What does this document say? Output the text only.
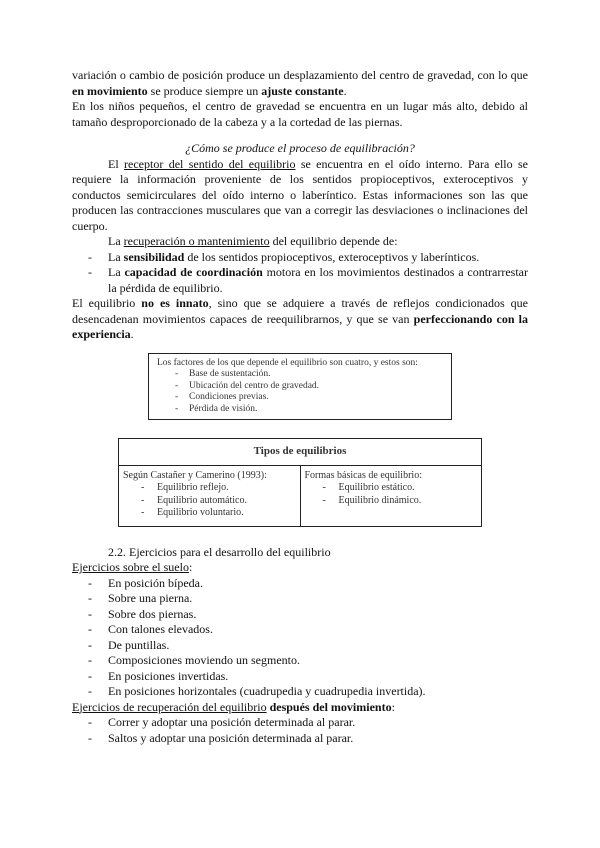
variación o cambio de posición produce un desplazamiento del centro de gravedad, con lo que en movimiento se produce siempre un ajuste constante.

En los niños pequeños, el centro de gravedad se encuentra en un lugar más alto, debido al tamaño desproporcionado de la cabeza y a la cortedad de las piernas.

¿Cómo se produce el proceso de equilibración?

El receptor del sentido del equilibrio se encuentra en el oído interno. Para ello se requiere la información proveniente de los sentidos propioceptivos, exteroceptivos y conductos semicirculares del oído interno o laberíntico. Estas informaciones son las que producen las contracciones musculares que van a corregir las desviaciones o inclinaciones del cuerpo.

La recuperación o mantenimiento del equilibrio depende de:

- La sensibilidad de los sentidos propioceptivos, exteroceptivos y laberínticos.
- La capacidad de coordinación motora en los movimientos destinados a contrarrestar la pérdida de equilibrio.

El equilibrio no es innato, sino que se adquiere a través de reflejos condicionados que desencadenan movimientos capaces de reequilibrarnos, y que se van perfeccionando con la experiencia.

Los factores de los que depende el equilibrio son cuatro, y estos son:
- Base de sustentación.
- Ubicación del centro de gravedad.
- Condiciones previas.
- Pérdida de visión.
Tipos de equilibrios

Según Castañer y Camerino (1993):
- Equilibrio reflejo.
- Equilibrio automático.
- Equilibrio voluntario.

Formas básicas de equilibrio:
- Equilibrio estático.
- Equilibrio dinámico.

2.2. Ejercicios para el desarrollo del equilibrio

Ejercicios sobre el suelo:

- En posición bípeda.
- Sobre una pierna.
- Sobre dos piernas.
- Con talones elevados.
- De puntillas.
- Composiciones moviendo un segmento.
- En posiciones invertidas.
- En posiciones horizontales (cuadrupedia y cuadrupedia invertida).

Ejercicios de recuperación del equilibrio después del movimiento:

- Correr y adoptar una posición determinada al parar.
- Saltos y adoptar una posición determinada al parar.
